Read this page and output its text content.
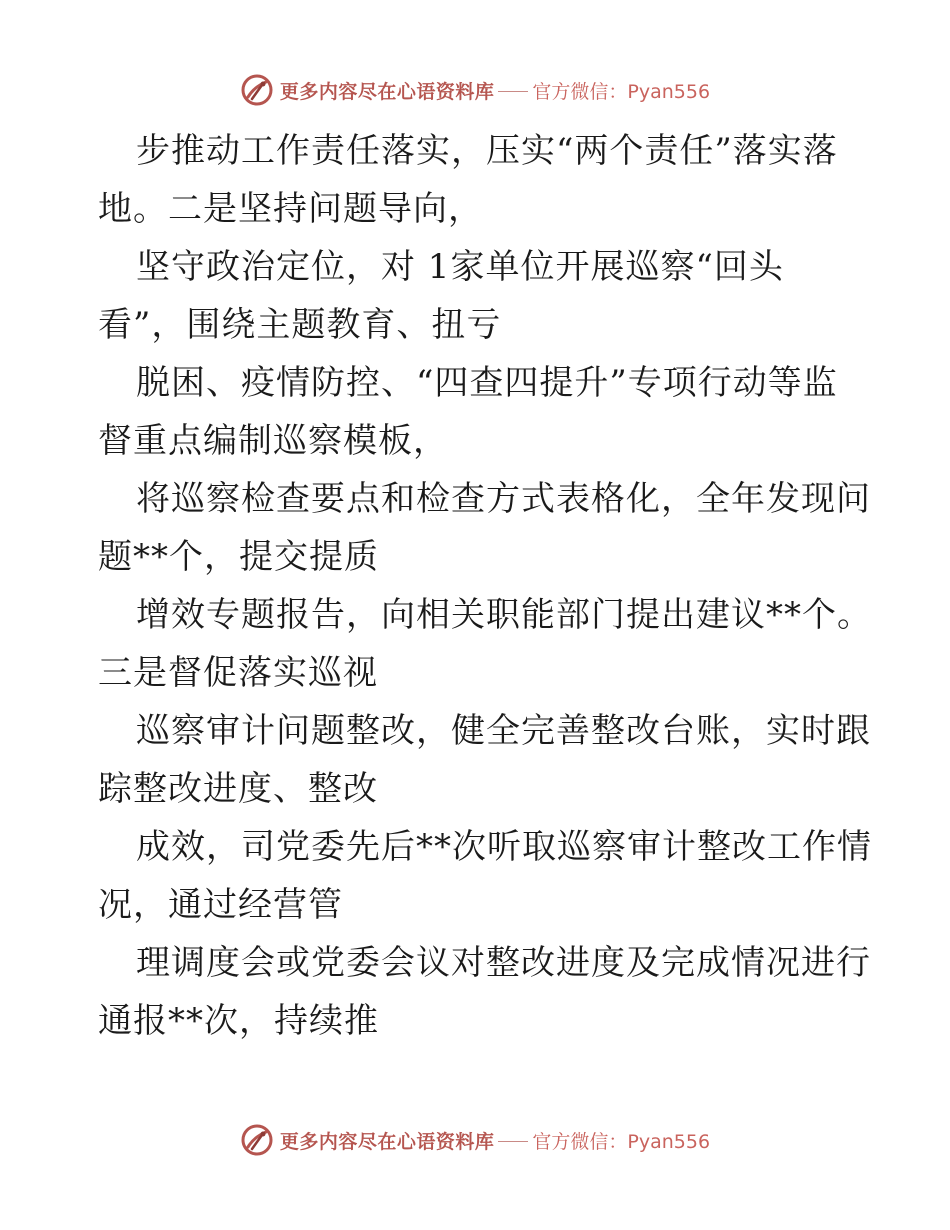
更多内容尽在心语资料库 官方微信：Pyan556
步推动工作责任落实，压实“两个责任”落实落
地。二是坚持问题导向，
坚守政治定位，对 1家单位开展巡察“回头
看”，围绕主题教育、扭亏
脱困、疫情防控、“四查四提升”专项行动等监
督重点编制巡察模板，
将巡察检查要点和检查方式表格化，全年发现问
题**个，提交提质
增效专题报告，向相关职能部门提出建议**个。
三是督促落实巡视
巡察审计问题整改，健全完善整改台账，实时跟
踪整改进度、整改
成效，司党委先后**次听取巡察审计整改工作情
况，通过经营管
理调度会或党委会议对整改进度及完成情况进行
通报**次，持续推
更多内容尽在心语资料库 官方微信：Pyan556
